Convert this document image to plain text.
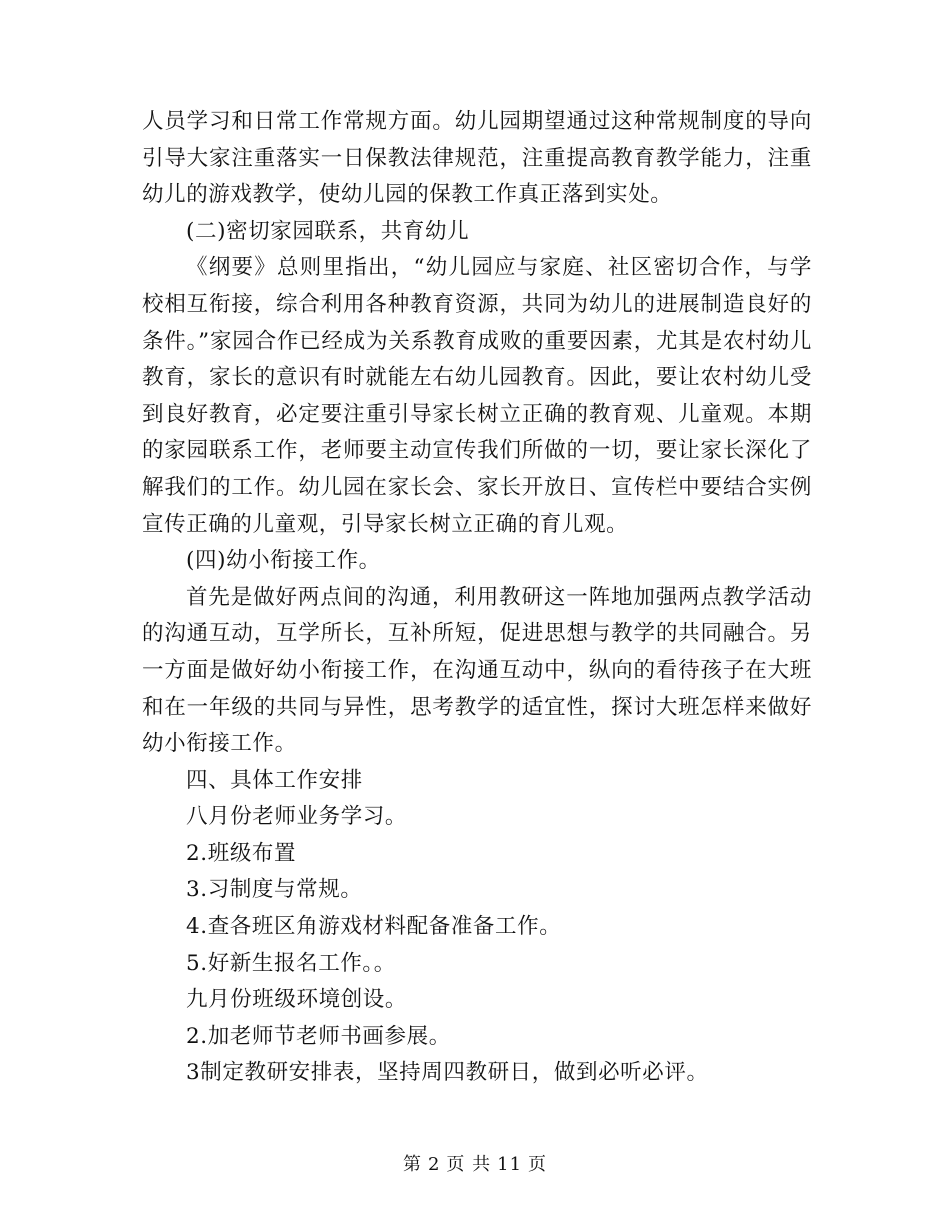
人员学习和日常工作常规方面。幼儿园期望通过这种常规制度的导向引导大家注重落实一日保教法律规范，注重提高教育教学能力，注重幼儿的游戏教学，使幼儿园的保教工作真正落到实处。

(二)密切家园联系，共育幼儿

《纲要》总则里指出，“幼儿园应与家庭、社区密切合作，与学校相互衔接，综合利用各种教育资源，共同为幼儿的进展制造良好的条件。”家园合作已经成为关系教育成败的重要因素，尤其是农村幼儿教育，家长的意识有时就能左右幼儿园教育。因此，要让农村幼儿受到良好教育，必定要注重引导家长树立正确的教育观、儿童观。本期的家园联系工作，老师要主动宣传我们所做的一切，要让家长深化了解我们的工作。幼儿园在家长会、家长开放日、宣传栏中要结合实例宣传正确的儿童观，引导家长树立正确的育儿观。

(四)幼小衔接工作。

首先是做好两点间的沟通，利用教研这一阵地加强两点教学活动的沟通互动，互学所长，互补所短，促进思想与教学的共同融合。另一方面是做好幼小衔接工作，在沟通互动中，纵向的看待孩子在大班和在一年级的共同与异性，思考教学的适宜性，探讨大班怎样来做好幼小衔接工作。

四、具体工作安排

八月份老师业务学习。

2.班级布置

3.习制度与常规。

4.查各班区角游戏材料配备准备工作。

5.好新生报名工作。。

九月份班级环境创设。

2.加老师节老师书画参展。

3制定教研安排表，坚持周四教研日，做到必听必评。

第 2 页 共 11 页
